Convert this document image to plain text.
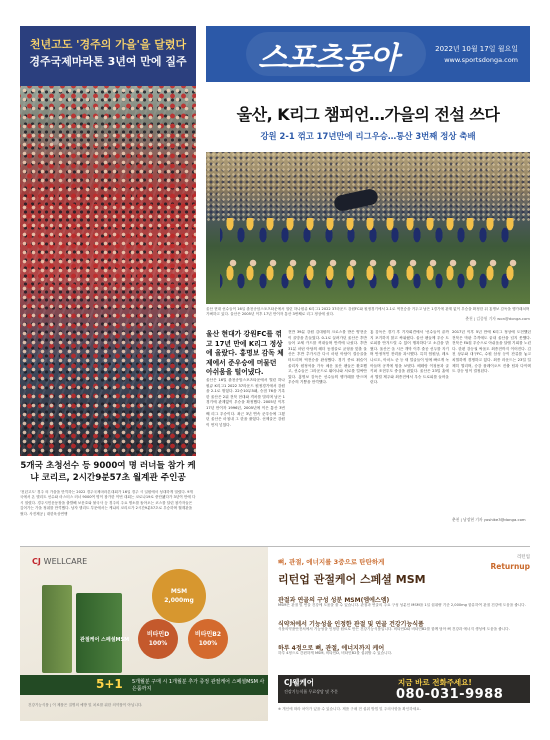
천년고도 '경주의 가을'을 달렸다
경주국제마라톤 3년여 만에 질주
5개국 초청선수 등 9000여 명 러너들 참가 케냐 코리르, 2시간9분57초 월계관 주인공
'천년고도' 경주 의 가을을 만끽하는 2022 경주국제마라톤대회가 16일 경주 시 일원에서 성대하게 열렸다. 9개국에서 온 엘리트 선수와 마스터스 러너 9000여 명이 참가한 이번 대회는 코로나19로 중단됐다가 3년여 만에 다시 열렸다. 경주시민운동장을 출발해 보문호와 불국사 등 경주의 주요 명소를 돌아오는 코스를 달린 참가자들은 깊어가는 가을 정취를 만끽했다. 남자 엘리트 부문에서는 케냐의 코리르가 2시간9분57초로 우승하며 월계관을 썼다. 사진제공 | 대한육상연맹
스포츠동아	2022년 10월 17일 월요일
www.sportsdonga.com
울산, K리그 챔피언…가을의 전설 쓰다
강원 2-1 꺾고 17년만에 리그우승…통산 3번째 정상 축배
울산 현대 선수들이 16일 춘천송암스포츠타운에서 열린 하나원큐 K리그1 2022 37라운드 강원FC와 원정경기에서 2-1로 역전승을 거두고 남은 1경기에 관계 없이 우승을 확정한 뒤 홍명보 감독을 헹가래치며 기뻐하고 있다. 울산은 2005년 이후 17년 만이자 통산 3번째로 리그 정상에 섰다.
춘천 | 김종원 기자 won@donga.com
울산 현대가 강원FC를 꺾고 17년 만에 K리그 정상에 올랐다. 홍명보 감독 체제에서 준우승에 머물던 아쉬움을 털어냈다.
울산은 16일 춘천송암스포츠타운에서 열린 하나원큐 K리그1 2022 37라운드 원정경기에서 강원을 2-1로 꺾었다. 22승10무5패, 승점 76을 기록한 울산은 2위 전북 현대와 격차를 벌리며 남은 1경기에 관계없이 우승을 확정했다. 2005년 이후 17년 만이자 1996년, 2005년에 이은 통산 3번째 리그 우승이다. 최근 3년 연속 준우승에 그쳤던 울산은 마침내 그 한을 풀었다. 선제골은 강원이 먼저 넣었다.
전반 39분 강원 김대원의 크로스를 받은 양현준이 골망을 흔들었다. 0-1로 끌려가던 울산은 후반 들어 교체 카드를 꺼내들며 반격에 나섰다. 후반 31분 마틴 아담의 헤더 동점골로 균형을 맞춘 울산은 후반 추가시간 다시 마틴 아담이 결승골을 터트리며 역전승을 완성했다. 경기 종료 휘슬이 울리자 원정석을 가득 메운 울산 팬들은 환호했고, 선수들은 그라운드로 뛰어나와 서로를 얼싸안았다. 홍명보 감독은 선수들의 헹가래를 받으며 우승의 기쁨을 만끽했다.
홍 감독은 경기 후 기자회견에서 '선수들이 끝까지 포기하지 않고 싸워줬다. 울산 팬들께 우승 트로피를 안겨드릴 수 있어 행복하다'고 소감을 밝혔다. 울산은 올 시즌 개막 이후 줄곧 선두를 지키며 안정적인 전력을 과시했다. 특히 엄원상, 레오나르도, 아마노 준 등 새 얼굴들이 팀에 빠르게 녹아들며 공격에 힘을 보탰다. 베테랑 이청용과 골키퍼 조현우도 중심을 잡았다. 울산은 23일 홈에서 열릴 제주와 최종전에서 우승 트로피를 들어올린다.
2017년 이후 5년 만에 K리그 정상에 도전했던 전북은 막판 추격에도 끝내 울산을 넘지 못했다. 전북은 FA컵 우승으로 아쉬움을 달랠 기회를 노린다. 한편 강등권 싸움도 최종전까지 이어진다. 김천 상무와 대구FC, 수원 삼성 등이 잔류를 놓고 치열하게 경쟁하고 있다. 최종 라운드는 23일 일제히 열리며, 승강 플레이오프 진출 팀과 다이렉트 강등 팀이 결정된다.
춘천 | 남장현 기자 yoshike3@donga.com
CJ WELLCARE
관절케어 스페셜MSM
MSM
2,000mg
비타민D
100%
비타민B2
100%
5+1 5개월분 구매 시 1개월분 추가 증정 관절케어 스페셜MSM 사은품까지
건강기능식품 | 이 제품은 질병의 예방 및 치료를 위한 의약품이 아닙니다.
뼈, 관절, 에너지를 3중으로 탄탄하게
리턴업
Returnup
리턴업 관절케어 스페셜 MSM
관절과 연골의 구성 성분 MSM(엠에스엠)
MSM은 관절 및 연골 건강에 도움을 줄 수 있습니다. 관절과 연골의 주요 구성 성분인 MSM을 1일 섭취량 기준 2,000mg 함유하여 관절 건강에 도움을 줍니다.
식약처에서 기능성을 인정한 관절 및 연골 건강기능식품
식품의약품안전처에서 기능성을 인정한 원료로 만든 건강기능식품입니다. 비타민D와 비타민B2를 함께 담아 뼈 건강과 에너지 생성에 도움을 줍니다.
하루 4정으로 뼈, 관절, 에너지까지 케어
하루 4정으로 간편하게 MSM, 비타민D, 비타민B2를 섭취할 수 있습니다.
CJ웰케어
건강기능식품 무료상담 및 주문
지금 바로 전화주세요!
080-031-9988
※ 개인에 따라 차이가 있을 수 있습니다. 제품 구매 전 섭취 방법 및 주의사항을 확인하세요.
